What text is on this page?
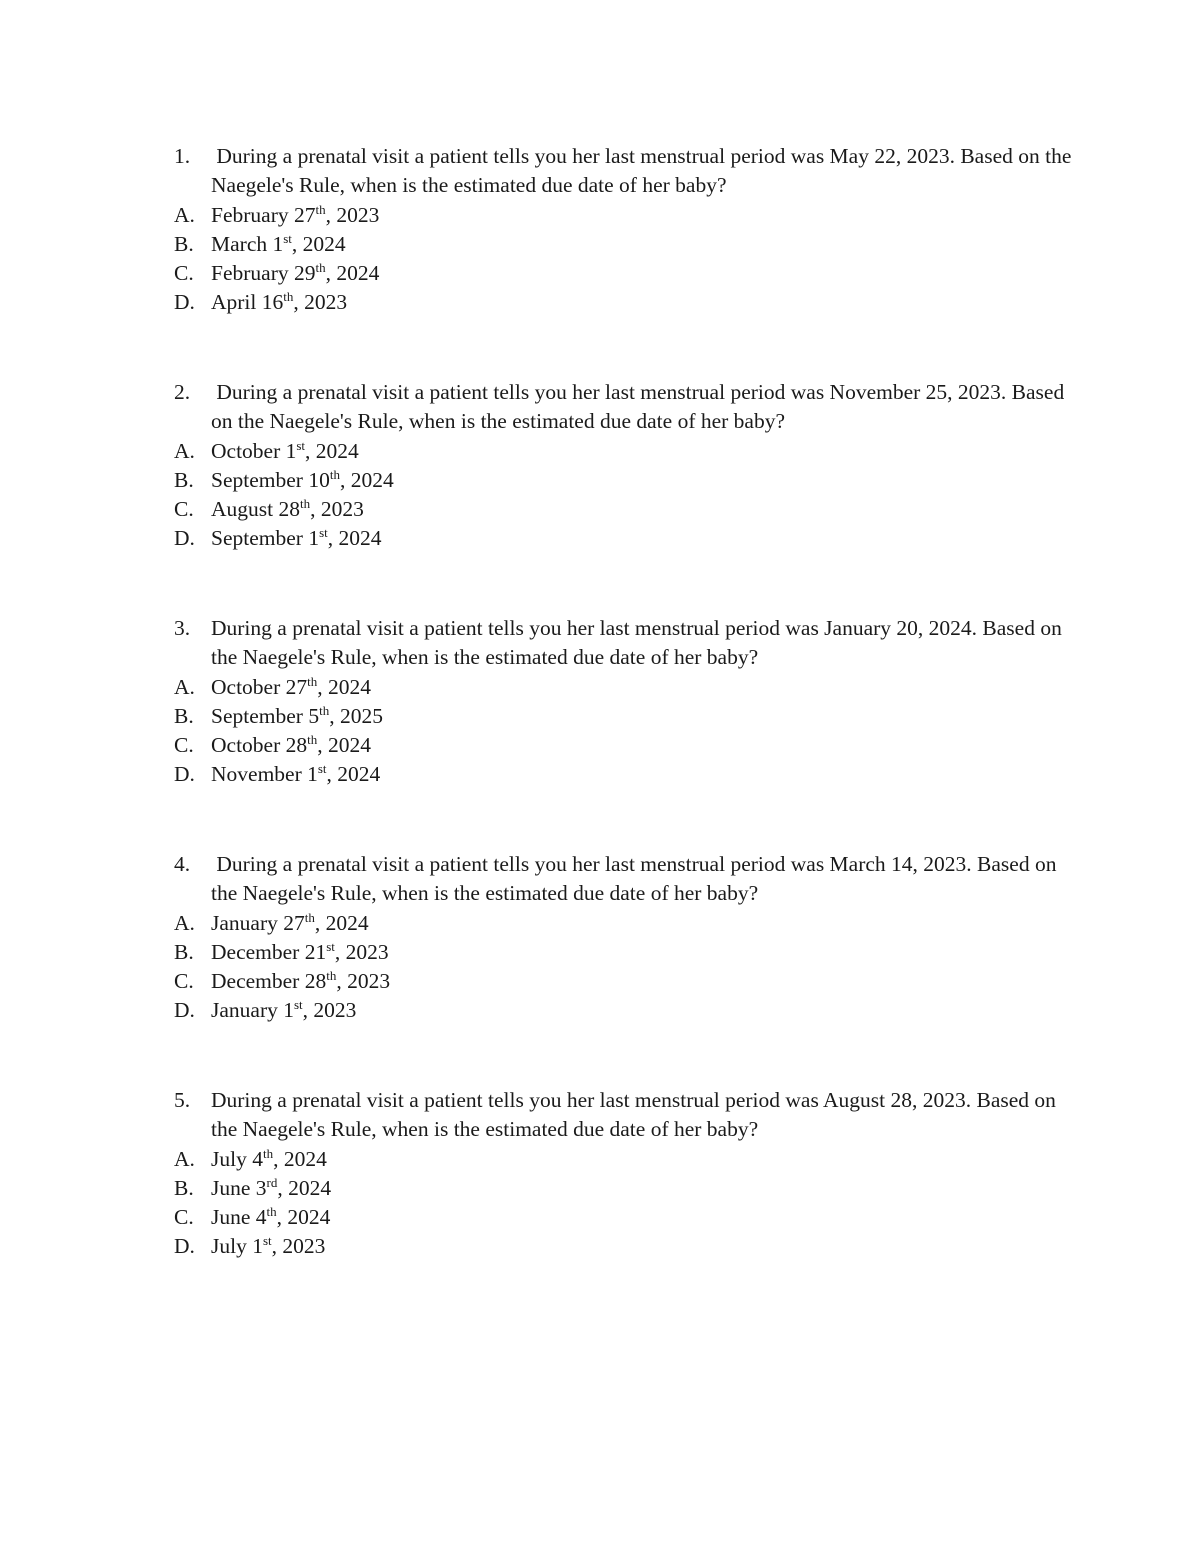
1. During a prenatal visit a patient tells you her last menstrual period was May 22, 2023. Based on the Naegele's Rule, when is the estimated due date of her baby?
A. February 27th, 2023
B. March 1st, 2024
C. February 29th, 2024
D. April 16th, 2023
2. During a prenatal visit a patient tells you her last menstrual period was November 25, 2023. Based on the Naegele's Rule, when is the estimated due date of her baby?
A. October 1st, 2024
B. September 10th, 2024
C. August 28th, 2023
D. September 1st, 2024
3. During a prenatal visit a patient tells you her last menstrual period was January 20, 2024. Based on the Naegele's Rule, when is the estimated due date of her baby?
A. October 27th, 2024
B. September 5th, 2025
C. October 28th, 2024
D. November 1st, 2024
4. During a prenatal visit a patient tells you her last menstrual period was March 14, 2023. Based on the Naegele's Rule, when is the estimated due date of her baby?
A. January 27th, 2024
B. December 21st, 2023
C. December 28th, 2023
D. January 1st, 2023
5. During a prenatal visit a patient tells you her last menstrual period was August 28, 2023. Based on the Naegele's Rule, when is the estimated due date of her baby?
A. July 4th, 2024
B. June 3rd, 2024
C. June 4th, 2024
D. July 1st, 2023
